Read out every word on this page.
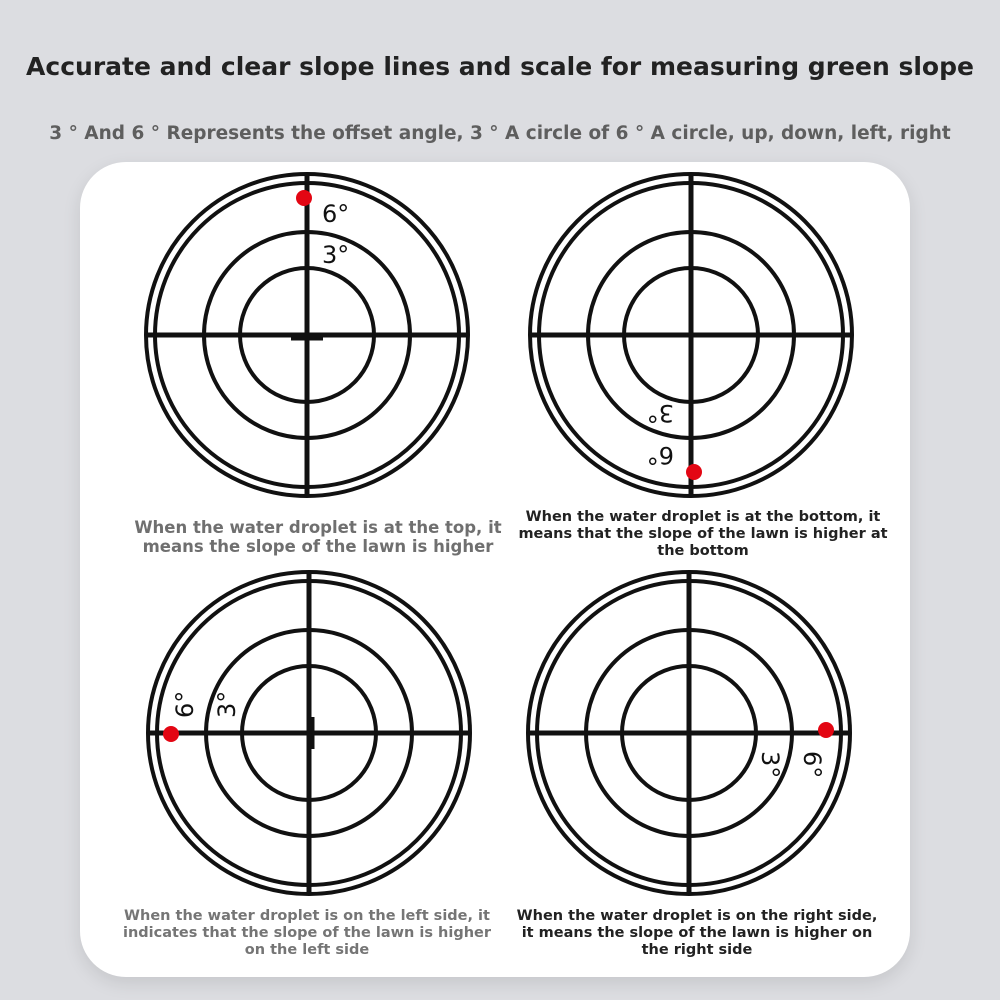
Accurate and clear slope lines and scale for measuring green slope
3 ° And 6 ° Represents the offset angle, 3 ° A circle of 6 ° A circle, up, down, left, right
6°
3°
When the water droplet is at the top, it means the slope of the lawn is higher
3°
6°
When the water droplet is at the bottom, it means that the slope of the lawn is higher at the bottom
6° 3°
When the water droplet is on the left side, it indicates that the slope of the lawn is higher on the left side
3° 6°
When the water droplet is on the right side, it means the slope of the lawn is higher on the right side
